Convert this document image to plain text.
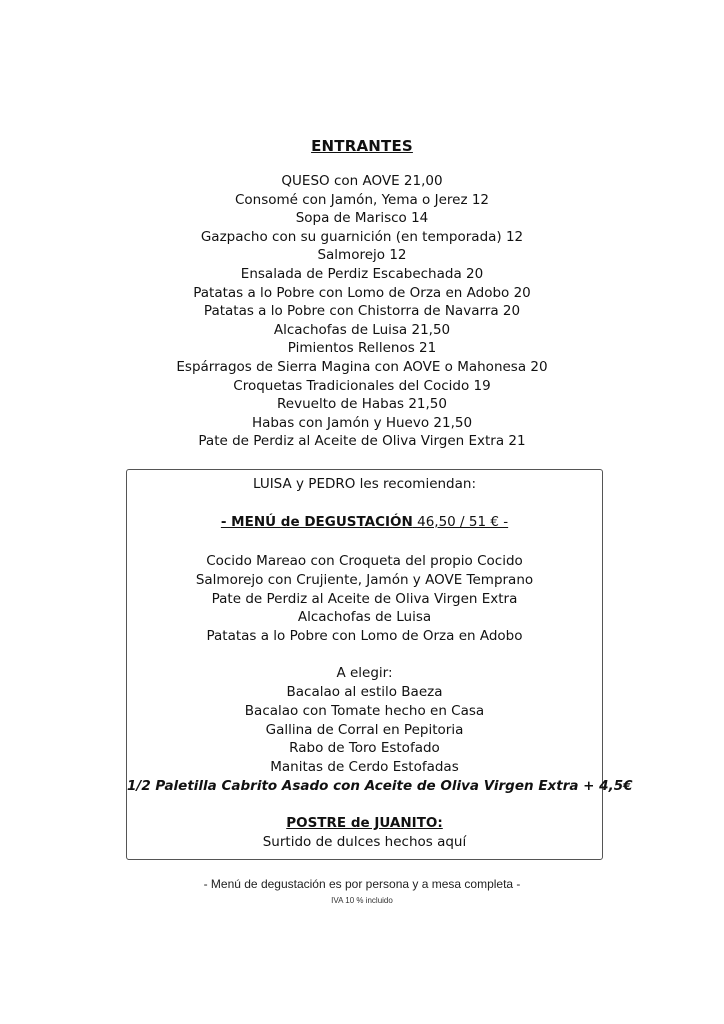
ENTRANTES
QUESO con AOVE 21,00
Consomé con Jamón, Yema o Jerez 12
Sopa de Marisco 14
Gazpacho con su guarnición (en temporada) 12
Salmorejo 12
Ensalada de Perdiz Escabechada 20
Patatas a lo Pobre con Lomo de Orza en Adobo 20
Patatas a lo Pobre con Chistorra de Navarra 20
Alcachofas de Luisa 21,50
Pimientos Rellenos 21
Espárragos de Sierra Magina con AOVE o Mahonesa 20
Croquetas Tradicionales del Cocido 19
Revuelto de Habas 21,50
Habas con Jamón y Huevo 21,50
Pate de Perdiz al Aceite de Oliva Virgen Extra 21
LUISA y PEDRO les recomiendan:
- MENÚ de DEGUSTACIÓN 46,50 / 51 € -
Cocido Mareao con Croqueta del propio Cocido
Salmorejo con Crujiente, Jamón y AOVE Temprano
Pate de Perdiz al Aceite de Oliva Virgen Extra
Alcachofas de Luisa
Patatas a lo Pobre con Lomo de Orza en Adobo
A elegir:
Bacalao al estilo Baeza
Bacalao con Tomate hecho en Casa
Gallina de Corral en Pepitoria
Rabo de Toro Estofado
Manitas de Cerdo Estofadas
1/2 Paletilla Cabrito Asado con Aceite de Oliva Virgen Extra + 4,5€
POSTRE de JUANITO:
Surtido de dulces hechos aquí
- Menú de degustación es por persona y a mesa completa -
IVA 10 % incluido
